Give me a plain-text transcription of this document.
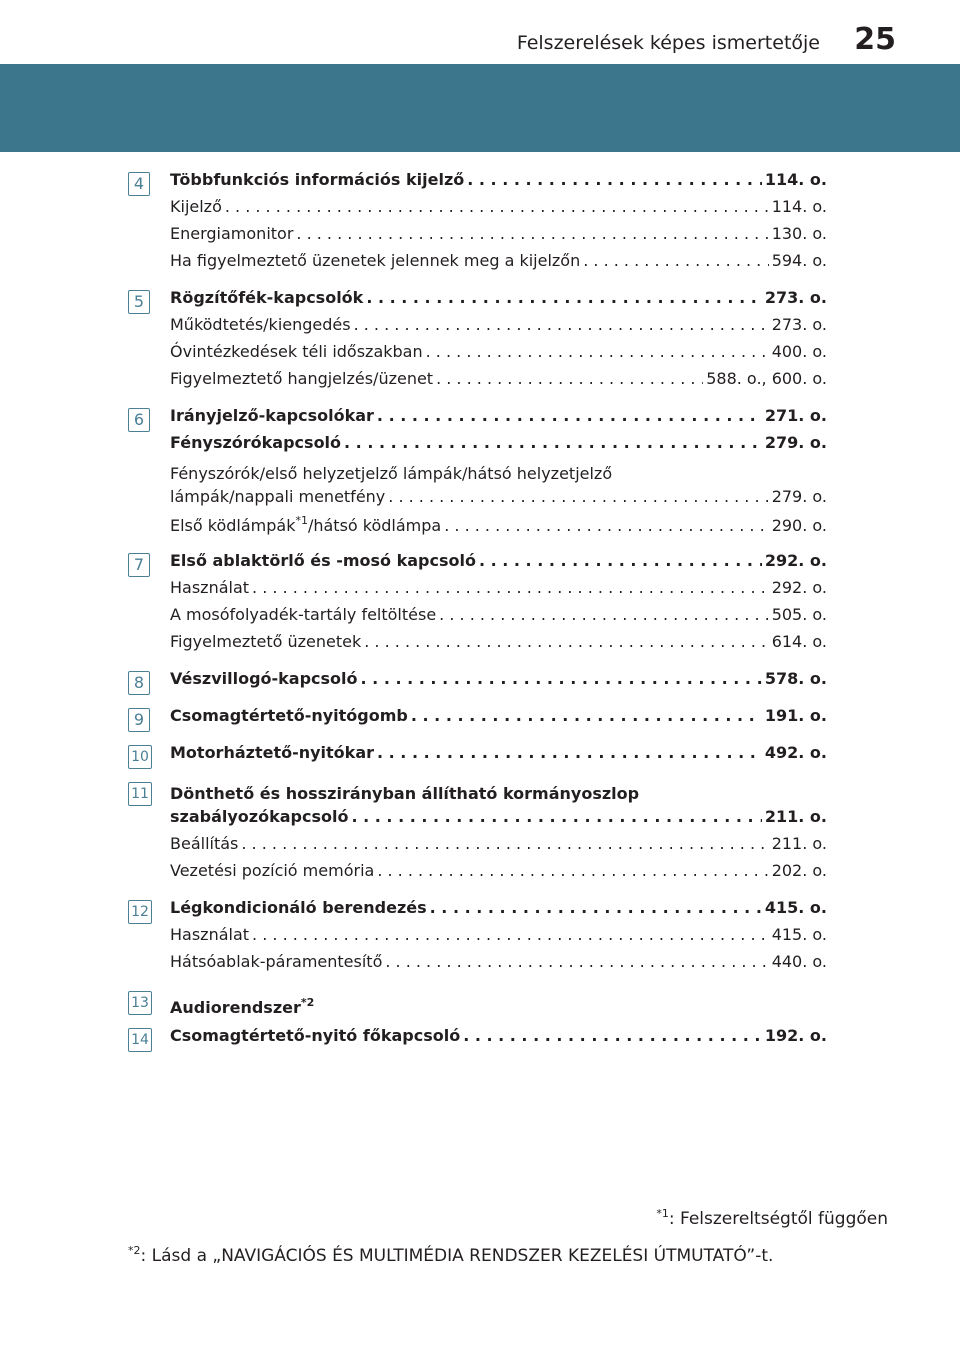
Felszerelések képes ismertetője 25
4	Többfunkciós információs kijelző . . .	114. o.
Kijelző . . .	114. o.
Energiamonitor . . .	130. o.
Ha figyelmeztető üzenetek jelennek meg a kijelzőn . . .	594. o.
5	Rögzítőfék-kapcsolók . . .	273. o.
Működtetés/kiengedés . . .	273. o.
Óvintézkedések téli időszakban . . .	400. o.
Figyelmeztető hangjelzés/üzenet . . .	588. o., 600. o.
6	Irányjelző-kapcsolókar . . .	271. o.
Fényszórókapcsoló . . .	279. o.
Fényszórók/első helyzetjelző lámpák/hátsó helyzetjelző
lámpák/nappali menetfény . . .	279. o.
Első ködlámpák$^{*1}$/hátsó ködlámpa . . .	290. o.
7	Első ablaktörlő és -mosó kapcsoló . . .	292. o.
Használat . . .	292. o.
A mosófolyadék-tartály feltöltése . . .	505. o.
Figyelmeztető üzenetek . . .	614. o.
8	Vészvillogó-kapcsoló . . .	578. o.
9	Csomagtértető-nyitógomb . . .	191. o.
10 Motorháztető-nyitókar . . .	492. o.
11 Dönthető és hosszirányban állítható kormányoszlop
szabályozókapcsoló . . .	211. o.
Beállítás . . .	211. o.
Vezetési pozíció memória . . .	202. o.
12 Légkondicionáló berendezés . . .	415. o.
Használat . . .	415. o.
Hátsóablak-páramentesítő . . .	440. o.
13 Audiorendszer$^{*2}$
14 Csomagtértető-nyitó főkapcsoló . . .	192. o.
$^{*1}$: Felszereltségtől függően
$^{*2}$: Lásd a „NAVIGÁCIÓS ÉS MULTIMÉDIA RENDSZER KEZELÉSI ÚTMUTATÓ”-t.
